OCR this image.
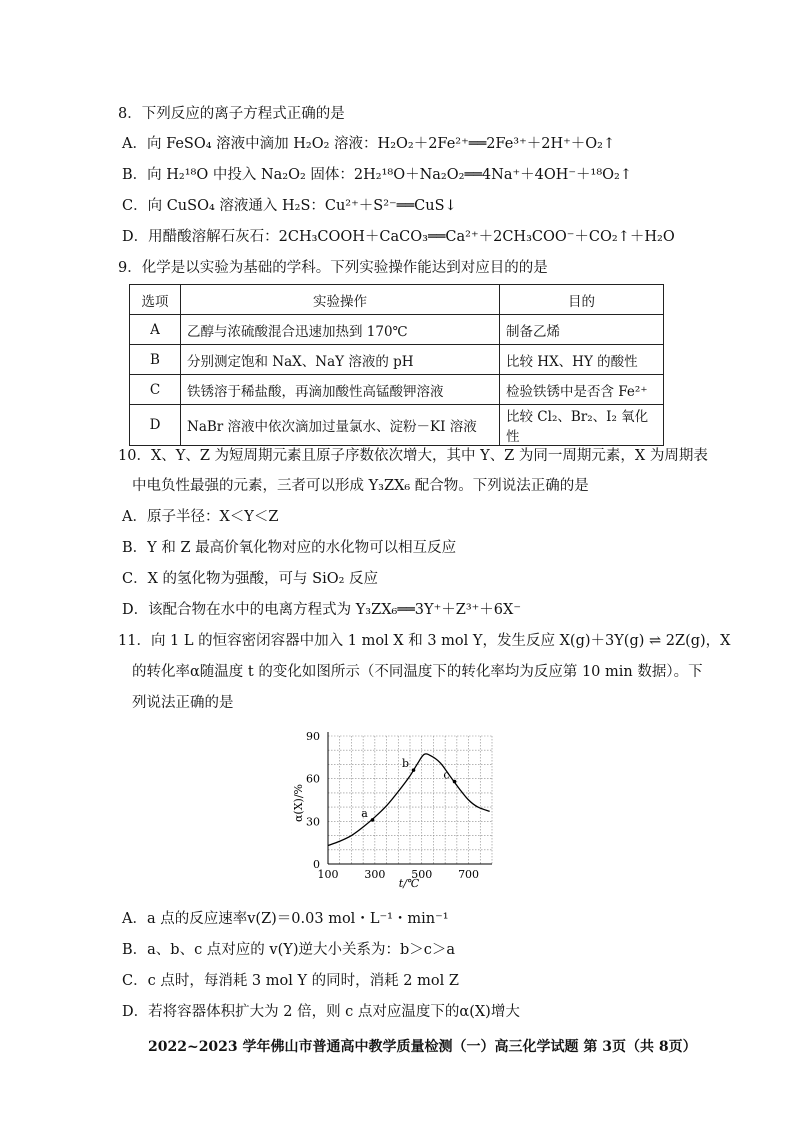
8．下列反应的离子方程式正确的是
A．向 FeSO₄ 溶液中滴加 H₂O₂ 溶液：H₂O₂＋2Fe²⁺══2Fe³⁺＋2H⁺＋O₂↑
B．向 H₂¹⁸O 中投入 Na₂O₂ 固体：2H₂¹⁸O＋Na₂O₂══4Na⁺＋4OH⁻＋¹⁸O₂↑
C．向 CuSO₄ 溶液通入 H₂S：Cu²⁺＋S²⁻══CuS↓
D．用醋酸溶解石灰石：2CH₃COOH＋CaCO₃══Ca²⁺＋2CH₃COO⁻＋CO₂↑＋H₂O
9．化学是以实验为基础的学科。下列实验操作能达到对应目的的是
选项	实验操作	目的
A	乙醇与浓硫酸混合迅速加热到 170℃	制备乙烯
B	分别测定饱和 NaX、NaY 溶液的 pH	比较 HX、HY 的酸性
C	铁锈溶于稀盐酸，再滴加酸性高锰酸钾溶液	检验铁锈中是否含 Fe²⁺
D	NaBr 溶液中依次滴加过量氯水、淀粉－KI 溶液	比较 Cl₂、Br₂、I₂ 氧化性
10．X、Y、Z 为短周期元素且原子序数依次增大，其中 Y、Z 为同一周期元素，X 为周期表
中电负性最强的元素，三者可以形成 Y₃ZX₆ 配合物。下列说法正确的是
A．原子半径：X＜Y＜Z
B．Y 和 Z 最高价氧化物对应的水化物可以相互反应
C．X 的氢化物为强酸，可与 SiO₂ 反应
D．该配合物在水中的电离方程式为 Y₃ZX₆══3Y⁺＋Z³⁺＋6X⁻
11．向 1 L 的恒容密闭容器中加入 1 mol X 和 3 mol Y，发生反应 X(g)＋3Y(g) ⇌ 2Z(g)，X
的转化率α随温度 t 的变化如图所示（不同温度下的转化率均为反应第 10 min 数据）。下
列说法正确的是
100 300 500 700
0
30
60
90
a
b
c
α(X)/%
t/℃
A．a 点的反应速率v(Z)＝0.03 mol・L⁻¹・min⁻¹
B．a、b、c 点对应的 v(Y)逆大小关系为：b＞c＞a
C．c 点时，每消耗 3 mol Y 的同时，消耗 2 mol Z
D．若将容器体积扩大为 2 倍，则 c 点对应温度下的α(X)增大
2022~2023 学年佛山市普通高中教学质量检测（一）高三化学试题 第 3页（共 8页）
